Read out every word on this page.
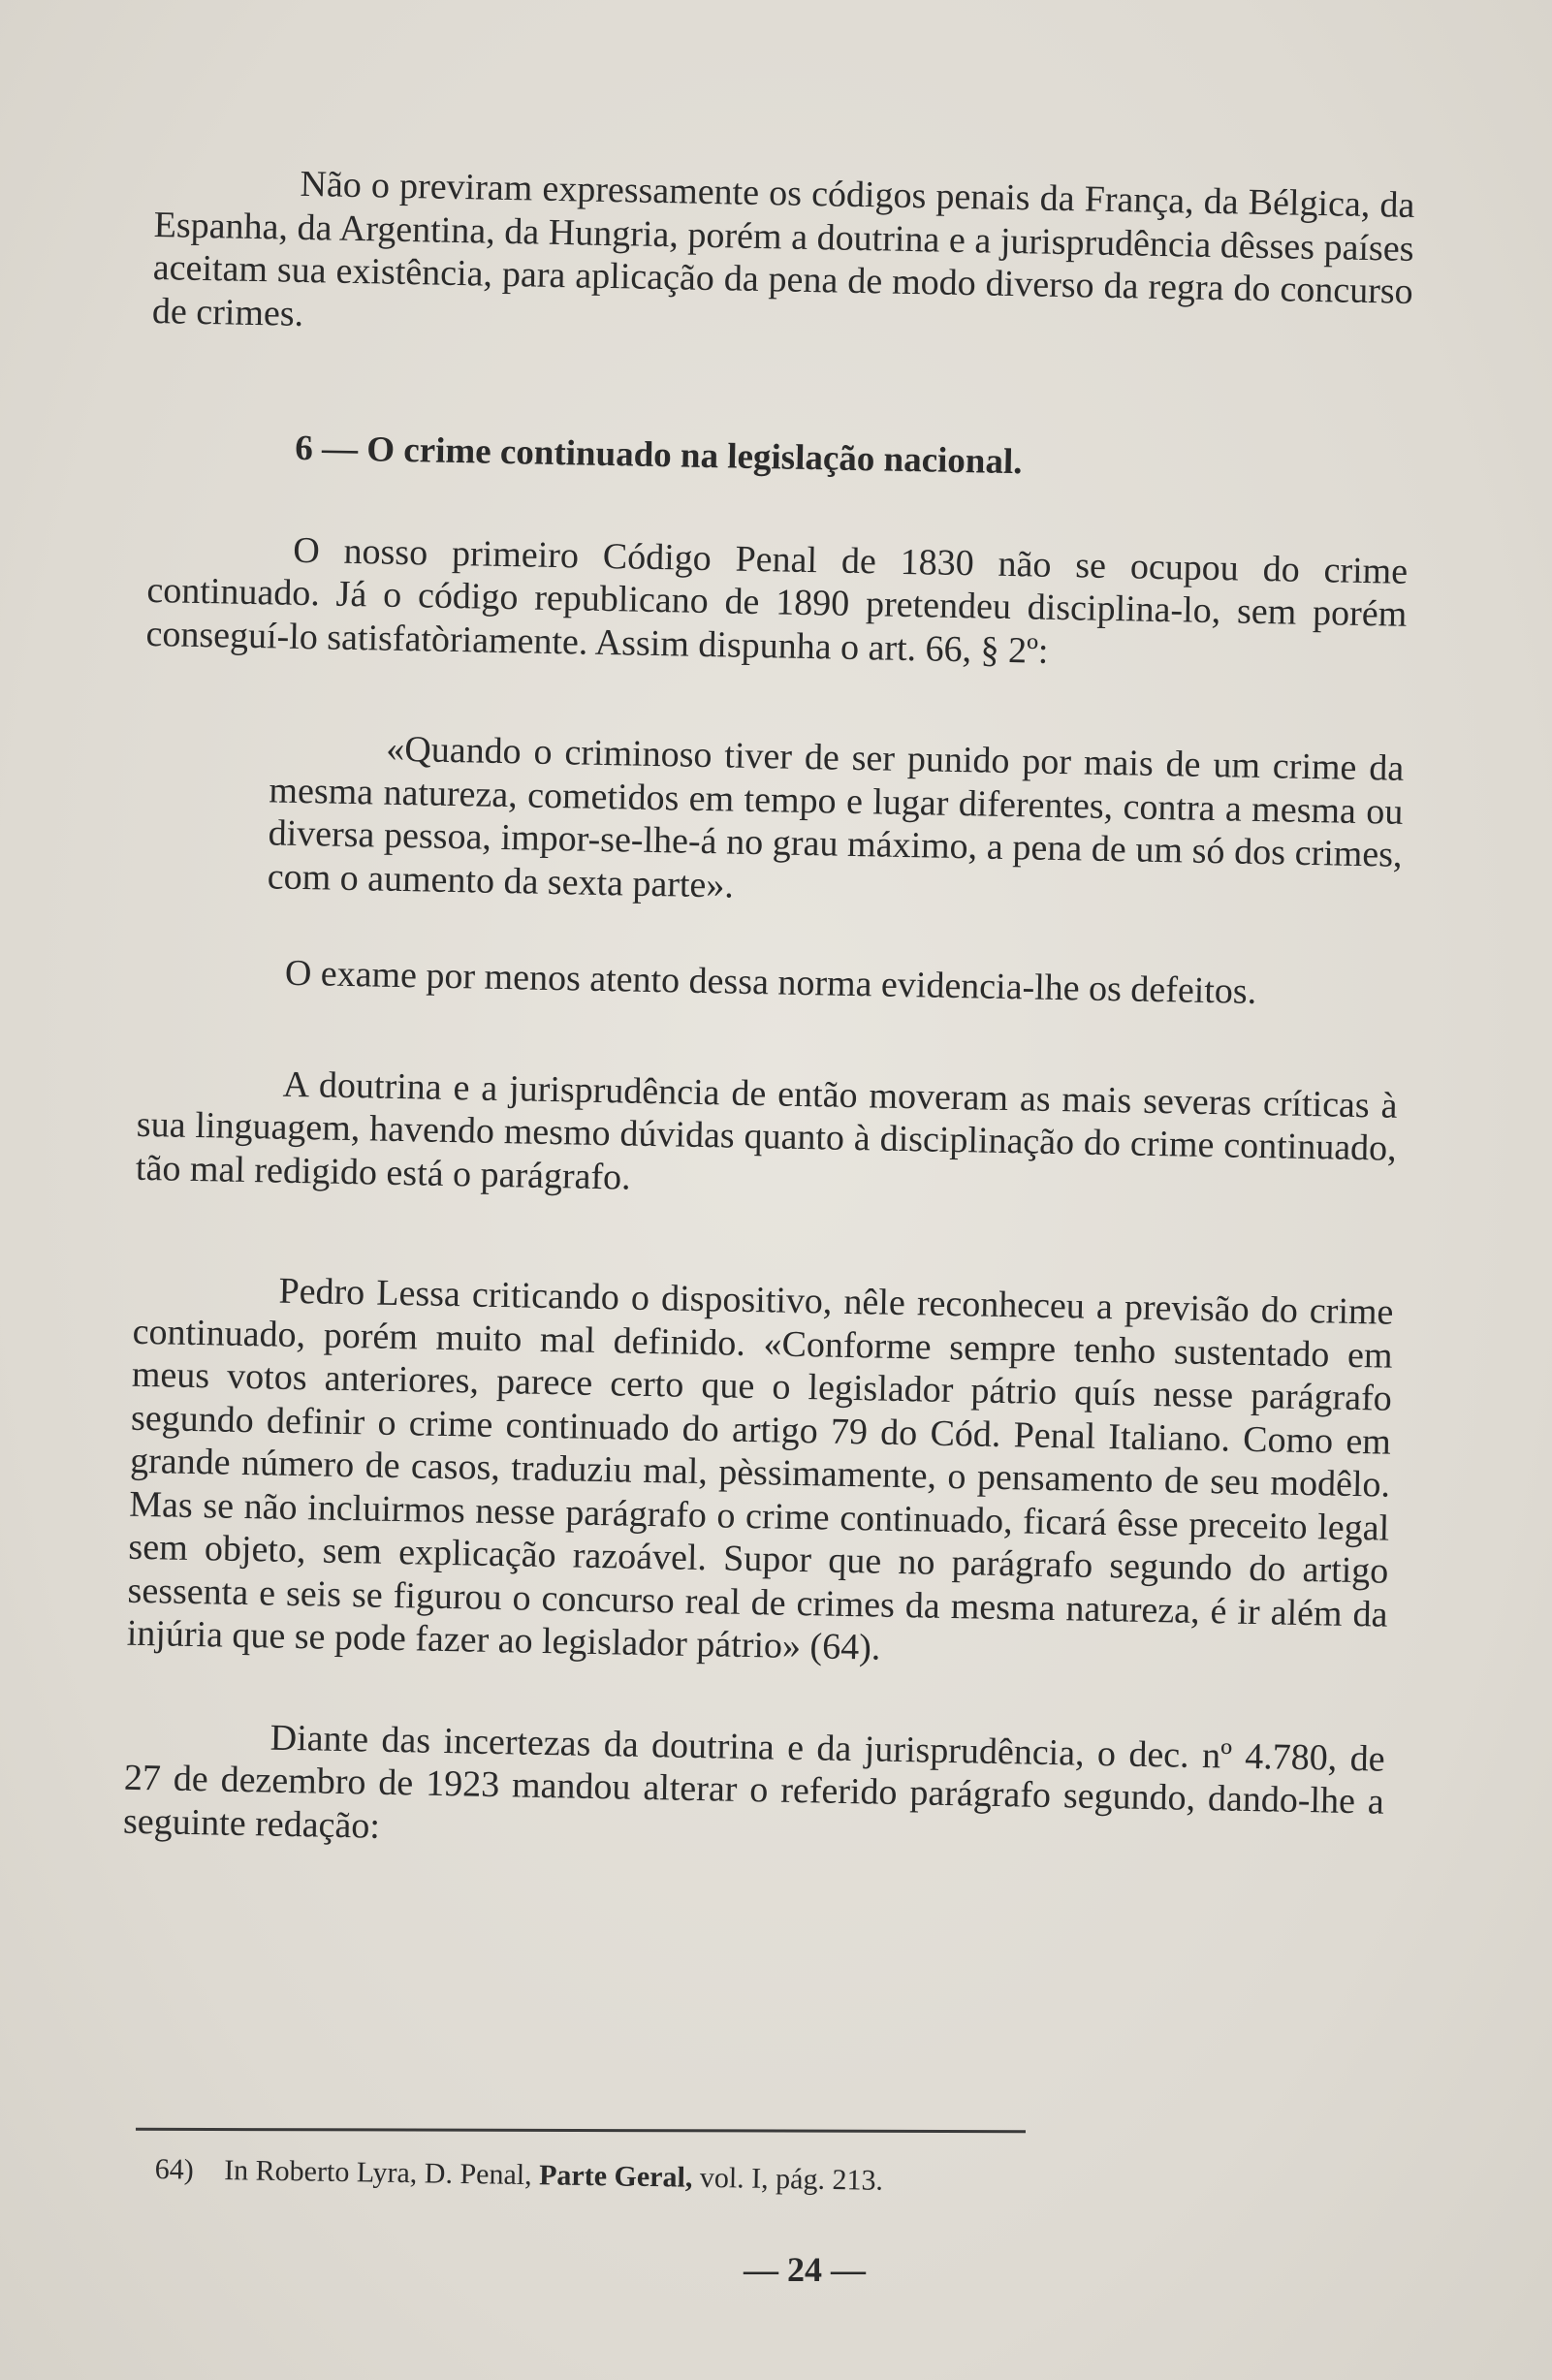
Não o previram expressamente os códigos penais da França, da Bélgica, da Espanha, da Argentina, da Hungria, porém a doutrina e a jurisprudência dêsses países aceitam sua existência, para aplicação da pena de modo diverso da regra do concurso de crimes.

6 — O crime continuado na legislação nacional.

O nosso primeiro Código Penal de 1830 não se ocupou do crime continuado. Já o código republicano de 1890 pretendeu disciplina-lo, sem porém conseguí-lo satisfatòriamente. Assim dispunha o art. 66, § 2º:

«Quando o criminoso tiver de ser punido por mais de um crime da mesma natureza, cometidos em tempo e lugar diferentes, contra a mesma ou diversa pessoa, impor-se-lhe-á no grau máximo, a pena de um só dos crimes, com o aumento da sexta parte».

O exame por menos atento dessa norma evidencia-lhe os defeitos.

A doutrina e a jurisprudência de então moveram as mais severas críticas à sua linguagem, havendo mesmo dúvidas quanto à disciplinação do crime continuado, tão mal redigido está o parágrafo.

Pedro Lessa criticando o dispositivo, nêle reconheceu a previsão do crime continuado, porém muito mal definido. «Conforme sempre tenho sustentado em meus votos anteriores, parece certo que o legislador pátrio quís nesse parágrafo segundo definir o crime continuado do artigo 79 do Cód. Penal Italiano. Como em grande número de casos, traduziu mal, pèssimamente, o pensamento de seu modêlo. Mas se não incluirmos nesse parágrafo o crime continuado, ficará êsse preceito legal sem objeto, sem explicação razoável. Supor que no parágrafo segundo do artigo sessenta e seis se figurou o concurso real de crimes da mesma natureza, é ir além da injúria que se pode fazer ao legislador pátrio» (64).

Diante das incertezas da doutrina e da jurisprudência, o dec. nº 4.780, de 27 de dezembro de 1923 mandou alterar o referido parágrafo segundo, dando-lhe a seguinte redação:

64) In Roberto Lyra, D. Penal, Parte Geral, vol. I, pág. 213.
— 24 —
